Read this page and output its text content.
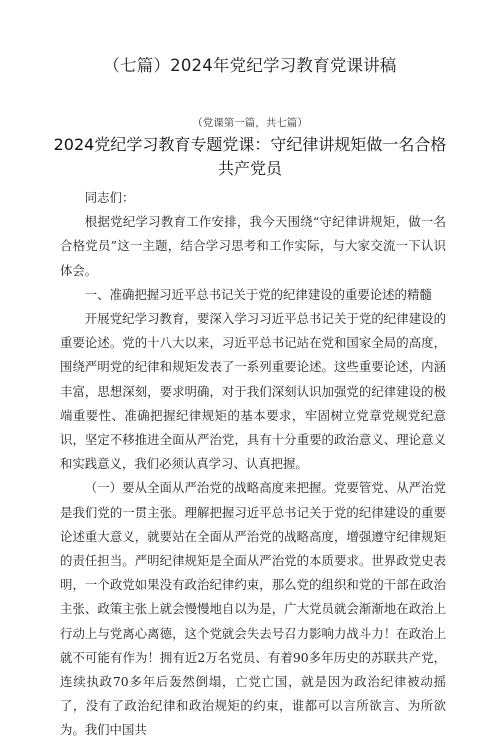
（七篇）2024年党纪学习教育党课讲稿
（党课第一篇，共七篇）
2024党纪学习教育专题党课：守纪律讲规矩做一名合格共产党员

同志们：

根据党纪学习教育工作安排，我今天围绕“守纪律讲规矩，做一名合格党员”这一主题，结合学习思考和工作实际，与大家交流一下认识体会。

一、准确把握习近平总书记关于党的纪律建设的重要论述的精髓

开展党纪学习教育，要深入学习习近平总书记关于党的纪律建设的重要论述。党的十八大以来，习近平总书记站在党和国家全局的高度，围绕严明党的纪律和规矩发表了一系列重要论述。这些重要论述，内涵丰富，思想深刻，要求明确，对于我们深刻认识加强党的纪律建设的极端重要性、准确把握纪律规矩的基本要求，牢固树立党章党规党纪意识，坚定不移推进全面从严治党，具有十分重要的政治意义、理论意义和实践意义，我们必须认真学习、认真把握。

（一）要从全面从严治党的战略高度来把握。党要管党、从严治党是我们党的一贯主张。理解把握习近平总书记关于党的纪律建设的重要论述重大意义，就要站在全面从严治党的战略高度，增强遵守纪律规矩的责任担当。严明纪律规矩是全面从严治党的本质要求。世界政党史表明，一个政党如果没有政治纪律约束，那么党的组织和党的干部在政治主张、政策主张上就会慢慢地自以为是，广大党员就会渐渐地在政治上行动上与党离心离德，这个党就会失去号召力影响力战斗力！在政治上就不可能有作为！拥有近2万名党员、有着90多年历史的苏联共产党，连续执政70多年后轰然倒塌，亡党亡国，就是因为政治纪律被动摇了，没有了政治纪律和政治规矩的约束，谁都可以言所欲言、为所欲为。我们中国共
